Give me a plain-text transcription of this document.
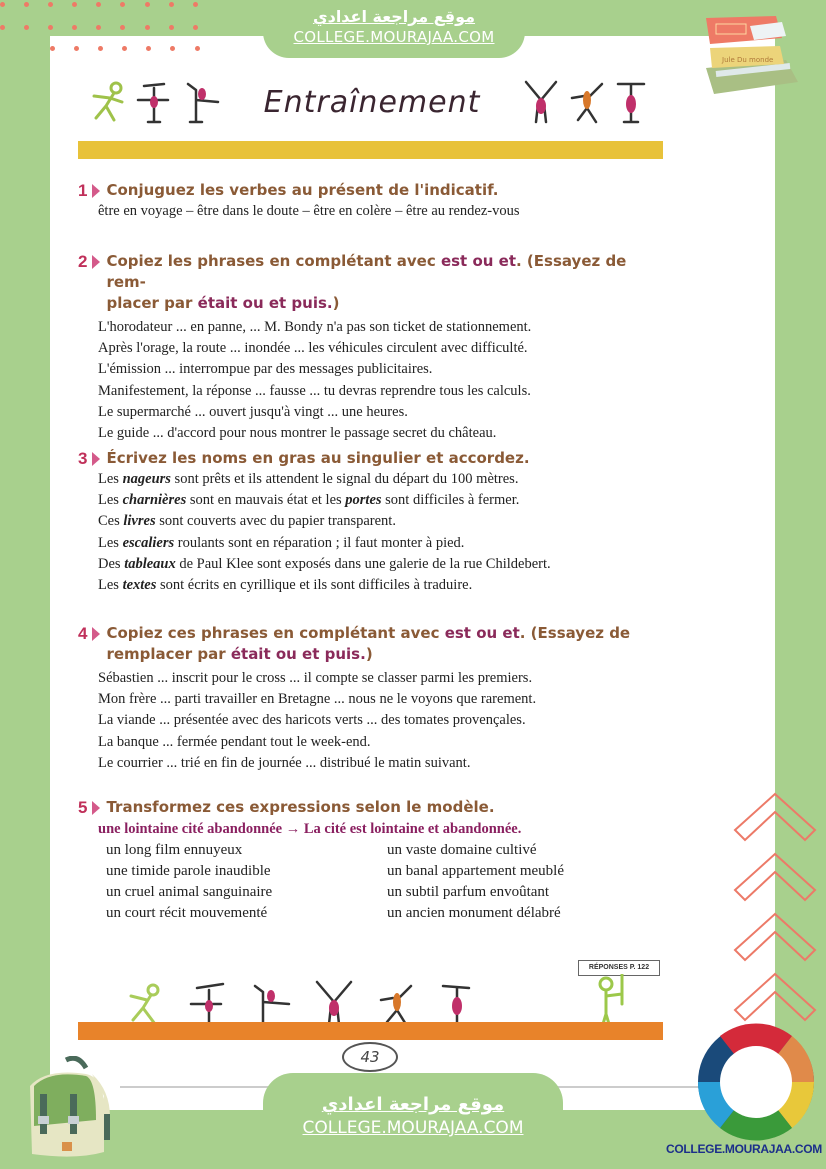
موقع مراجعة اعدادي
COLLEGE.MOURAJAA.COM
Jule Du monde
Entraînement
1 Conjuguez les verbes au présent de l'indicatif.
être en voyage – être dans le doute – être en colère – être au rendez-vous
2 Copiez les phrases en complétant avec est ou et. (Essayez de rem-
placer par était ou et puis.)
L'horodateur ... en panne, ... M. Bondy n'a pas son ticket de stationnement.
Après l'orage, la route ... inondée ... les véhicules circulent avec difficulté.
L'émission ... interrompue par des messages publicitaires.
Manifestement, la réponse ... fausse ... tu devras reprendre tous les calculs.
Le supermarché ... ouvert jusqu'à vingt ... une heures.
Le guide ... d'accord pour nous montrer le passage secret du château.
3 Écrivez les noms en gras au singulier et accordez.
Les nageurs sont prêts et ils attendent le signal du départ du 100 mètres.
Les charnières sont en mauvais état et les portes sont difficiles à fermer.
Ces livres sont couverts avec du papier transparent.
Les escaliers roulants sont en réparation ; il faut monter à pied.
Des tableaux de Paul Klee sont exposés dans une galerie de la rue Childebert.
Les textes sont écrits en cyrillique et ils sont difficiles à traduire.
4 Copiez ces phrases en complétant avec est ou et. (Essayez de
remplacer par était ou et puis.)
Sébastien ... inscrit pour le cross ... il compte se classer parmi les premiers.
Mon frère ... parti travailler en Bretagne ... nous ne le voyons que rarement.
La viande ... présentée avec des haricots verts ... des tomates provençales.
La banque ... fermée pendant tout le week-end.
Le courrier ... trié en fin de journée ... distribué le matin suivant.
5 Transformez ces expressions selon le modèle.
une lointaine cité abandonnée → La cité est lointaine et abandonnée.
un long film ennuyeux
une timide parole inaudible
un cruel animal sanguinaire
un court récit mouvementé
un vaste domaine cultivé
un banal appartement meublé
un subtil parfum envoûtant
un ancien monument délabré
RÉPONSES P. 122
43
موقع مراجعة اعدادي
COLLEGE.MOURAJAA.COM
COLLEGE.MOURAJAA.COM
